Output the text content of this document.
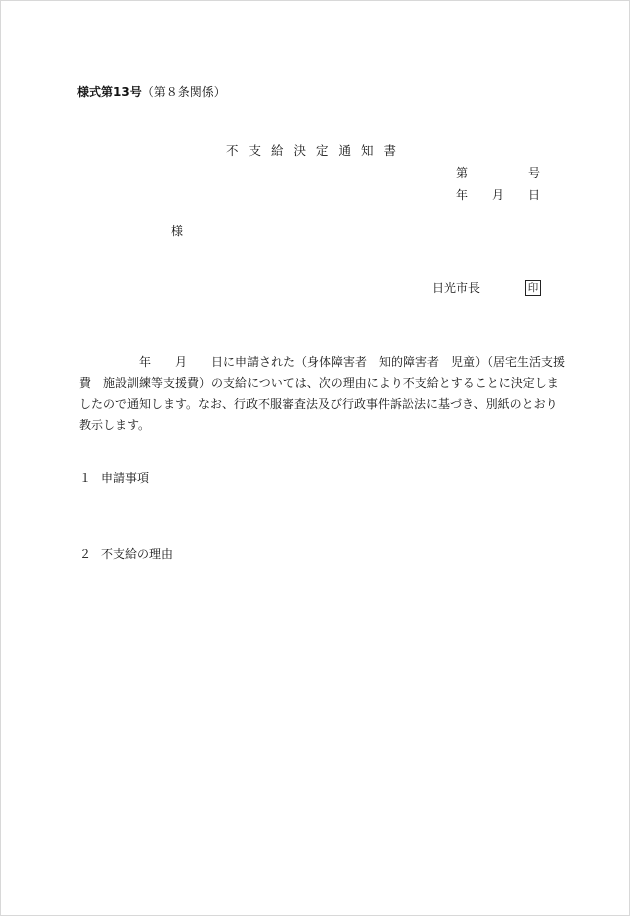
様式第13号（第８条関係）
不支給決定通知書
第	号
年 月 日
様
日光市長	印

　　　　　年　　月　　日に申請された（身体障害者　知的障害者　児童）（居宅生活支援
費　施設訓練等支援費）の支給については、次の理由により不支給とすることに決定しま
したので通知します。なお、行政不服審査法及び行政事件訴訟法に基づき、別紙のとおり
教示します。

１ 申請事項
２ 不支給の理由
